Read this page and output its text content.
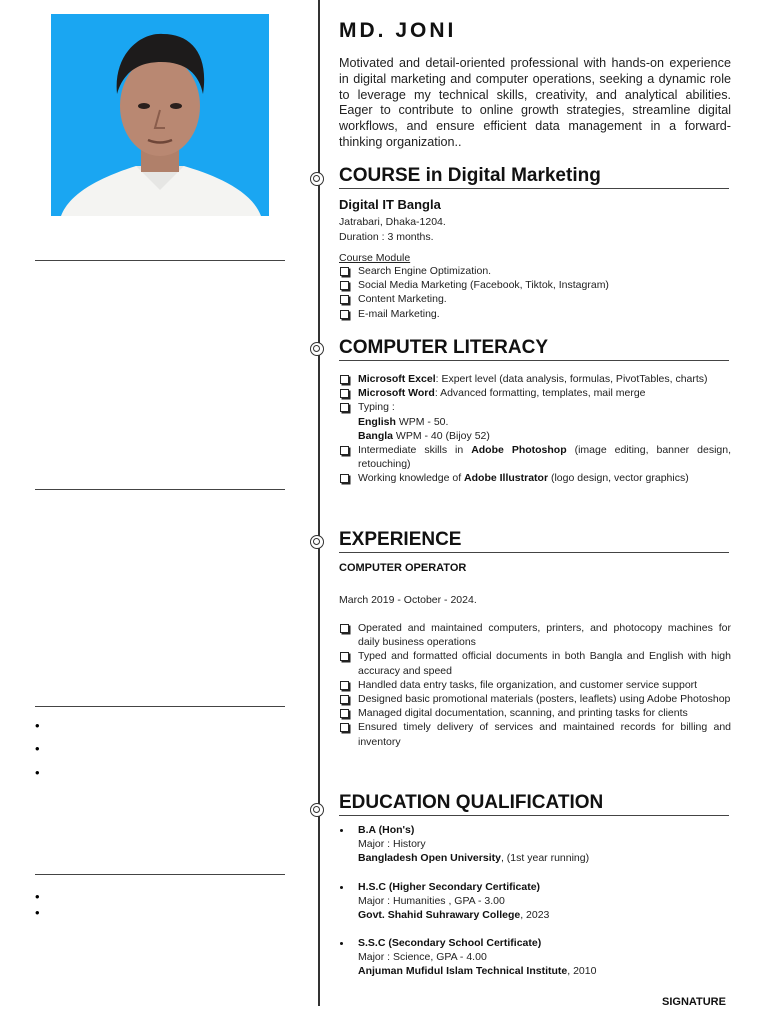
•
•
•
•
•
MD. JONI
Motivated and detail-oriented professional with hands-on experience in digital marketing and computer operations, seeking a dynamic role to leverage my technical skills, creativity, and analytical abilities. Eager to contribute to online growth strategies, streamline digital workflows, and ensure efficient data management in a forward-thinking organization..
COURSE in Digital Marketing
Digital IT Bangla
Jatrabari, Dhaka-1204.
Duration : 3 months.
Course Module
Search Engine Optimization.
Social Media Marketing (Facebook, Tiktok, Instagram)
Content Marketing.
E-mail Marketing.
COMPUTER LITERACY
Microsoft Excel: Expert level (data analysis, formulas, PivotTables, charts)
Microsoft Word: Advanced formatting, templates, mail merge
Typing :
English WPM - 50.
Bangla WPM - 40 (Bijoy 52)
Intermediate skills in Adobe Photoshop (image editing, banner design, retouching)
Working knowledge of Adobe Illustrator (logo design, vector graphics)
EXPERIENCE
COMPUTER OPERATOR
March 2019 - October - 2024.
Operated and maintained computers, printers, and photocopy machines for daily business operations
Typed and formatted official documents in both Bangla and English with high accuracy and speed
Handled data entry tasks, file organization, and customer service support
Designed basic promotional materials (posters, leaflets) using Adobe Photoshop
Managed digital documentation, scanning, and printing tasks for clients
Ensured timely delivery of services and maintained records for billing and inventory
EDUCATION QUALIFICATION
B.A (Hon's)
Major : History
Bangladesh Open University, (1st year running)
H.S.C (Higher Secondary Certificate)
Major : Humanities , GPA - 3.00
Govt. Shahid Suhrawary College, 2023
S.S.C (Secondary School Certificate)
Major : Science, GPA - 4.00
Anjuman Mufidul Islam Technical Institute, 2010
SIGNATURE
